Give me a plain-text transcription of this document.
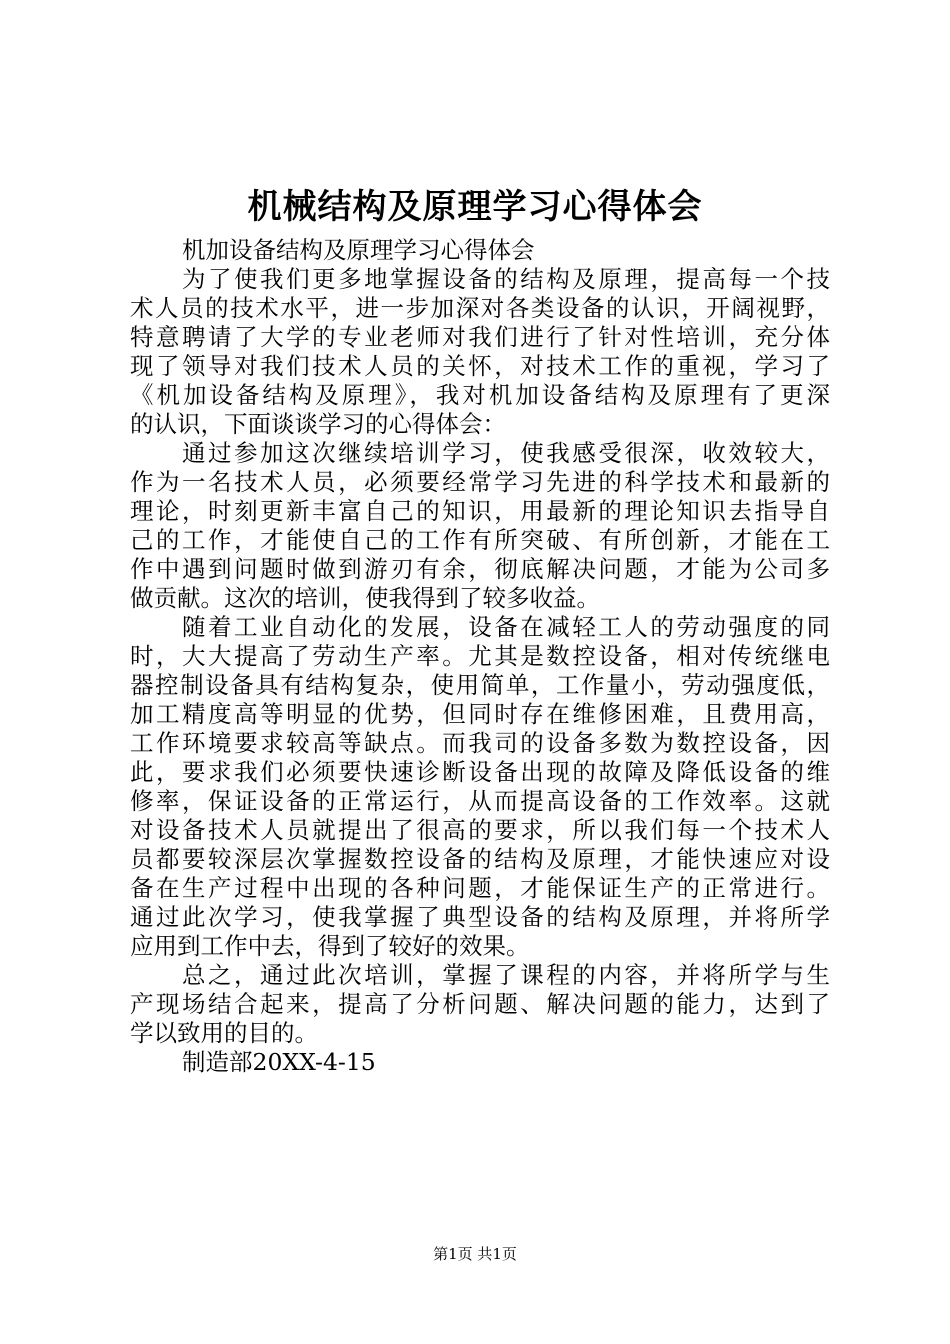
机械结构及原理学习心得体会
机加设备结构及原理学习心得体会
为了使我们更多地掌握设备的结构及原理，提高每一个技
术人员的技术水平，进一步加深对各类设备的认识，开阔视野，
特意聘请了大学的专业老师对我们进行了针对性培训，充分体
现了领导对我们技术人员的关怀，对技术工作的重视，学习了
《机加设备结构及原理》，我对机加设备结构及原理有了更深
的认识，下面谈谈学习的心得体会：
通过参加这次继续培训学习，使我感受很深，收效较大，
作为一名技术人员，必须要经常学习先进的科学技术和最新的
理论，时刻更新丰富自己的知识，用最新的理论知识去指导自
己的工作，才能使自己的工作有所突破、有所创新，才能在工
作中遇到问题时做到游刃有余，彻底解决问题，才能为公司多
做贡献。这次的培训，使我得到了较多收益。
随着工业自动化的发展，设备在减轻工人的劳动强度的同
时，大大提高了劳动生产率。尤其是数控设备，相对传统继电
器控制设备具有结构复杂，使用简单，工作量小，劳动强度低，
加工精度高等明显的优势，但同时存在维修困难，且费用高，
工作环境要求较高等缺点。而我司的设备多数为数控设备，因
此，要求我们必须要快速诊断设备出现的故障及降低设备的维
修率，保证设备的正常运行，从而提高设备的工作效率。这就
对设备技术人员就提出了很高的要求，所以我们每一个技术人
员都要较深层次掌握数控设备的结构及原理，才能快速应对设
备在生产过程中出现的各种问题，才能保证生产的正常进行。
通过此次学习，使我掌握了典型设备的结构及原理，并将所学
应用到工作中去，得到了较好的效果。
总之，通过此次培训，掌握了课程的内容，并将所学与生
产现场结合起来，提高了分析问题、解决问题的能力，达到了
学以致用的目的。
制造部20XX-4-15
第1页 共1页
